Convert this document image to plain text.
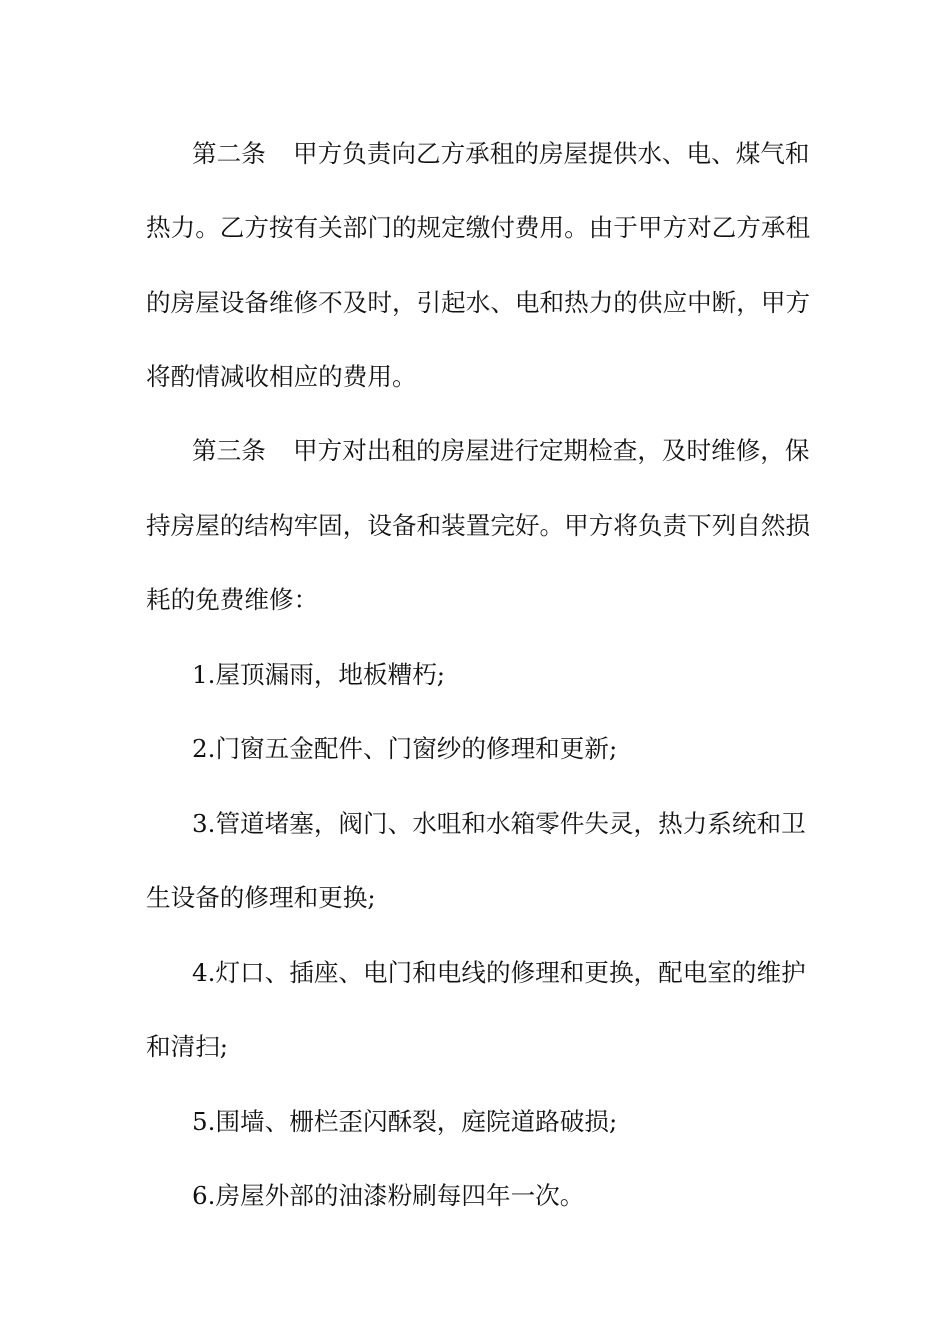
第二条 甲方负责向乙方承租的房屋提供水、电、煤气和
热力。乙方按有关部门的规定缴付费用。由于甲方对乙方承租
的房屋设备维修不及时，引起水、电和热力的供应中断，甲方
将酌情减收相应的费用。
第三条 甲方对出租的房屋进行定期检查，及时维修，保
持房屋的结构牢固，设备和装置完好。甲方将负责下列自然损
耗的免费维修：
1.屋顶漏雨，地板糟朽;
2.门窗五金配件、门窗纱的修理和更新;
3.管道堵塞，阀门、水咀和水箱零件失灵，热力系统和卫
生设备的修理和更换;
4.灯口、插座、电门和电线的修理和更换，配电室的维护
和清扫;
5.围墙、栅栏歪闪酥裂，庭院道路破损;
6.房屋外部的油漆粉刷每四年一次。
